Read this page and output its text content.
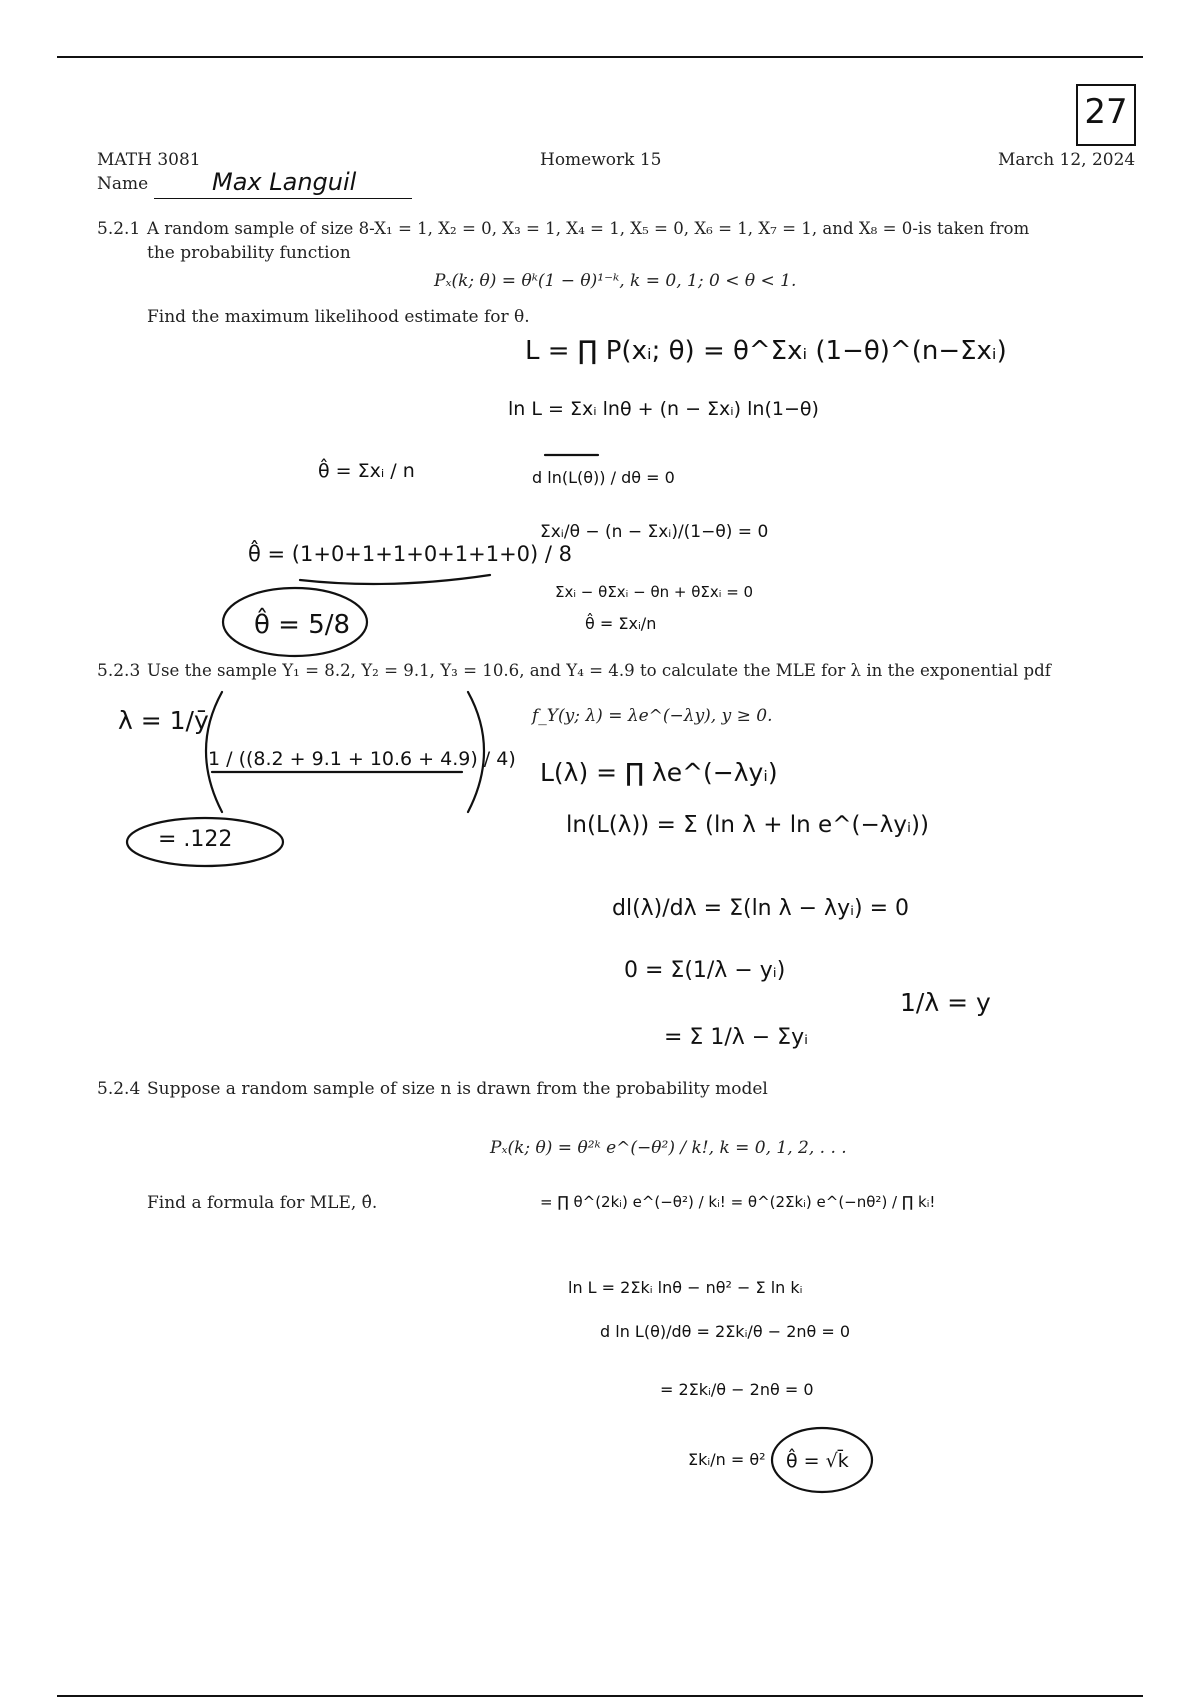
27
MATH 3081	Homework 15	March 12, 2024
Name	Max Languil
5.2.1 A random sample of size 8-X₁ = 1, X₂ = 0, X₃ = 1, X₄ = 1, X₅ = 0, X₆ = 1, X₇ = 1, and X₈ = 0-is taken from
the probability function
Pₓ(k; θ) = θᵏ(1 − θ)¹⁻ᵏ, k = 0, 1; 0 < θ < 1.
Find the maximum likelihood estimate for θ.
L = ∏ P(xᵢ; θ) = θ^Σxᵢ (1−θ)^(n−Σxᵢ)
ln L = Σxᵢ lnθ + (n − Σxᵢ) ln(1−θ)
θ̂ = Σxᵢ / n	d ln(L(θ)) / dθ = 0
θ̂ = (1+0+1+1+0+1+1+0) / 8
Σxᵢ/θ − (n − Σxᵢ)/(1−θ) = 0
Σxᵢ − θΣxᵢ − θn + θΣxᵢ = 0
θ̂ = Σxᵢ/n
θ̂ = 5/8
5.2.3 Use the sample Y₁ = 8.2, Y₂ = 9.1, Y₃ = 10.6, and Y₄ = 4.9 to calculate the MLE for λ in the exponential pdf
f_Y(y; λ) = λe^(−λy), y ≥ 0.
λ = 1/ȳ
1 / ((8.2 + 9.1 + 10.6 + 4.9) / 4)
= .122
L(λ) = ∏ λe^(−λyᵢ)
ln(L(λ)) = Σ (ln λ + ln e^(−λyᵢ))
dl(λ)/dλ = Σ(ln λ − λyᵢ) = 0
0 = Σ(1/λ − yᵢ)
= Σ 1/λ − Σyᵢ
1/λ = y
5.2.4 Suppose a random sample of size n is drawn from the probability model
Pₓ(k; θ) = θ²ᵏ e^(−θ²) / k!, k = 0, 1, 2, . . .
Find a formula for MLE, θ̂.	= ∏ θ^(2kᵢ) e^(−θ²) / kᵢ! = θ^(2Σkᵢ) e^(−nθ²) / ∏ kᵢ!
ln L = 2Σkᵢ lnθ − nθ² − Σ ln kᵢ
d ln L(θ)/dθ = 2Σkᵢ/θ − 2nθ = 0
= 2Σkᵢ/θ − 2nθ = 0
Σkᵢ/n = θ² θ̂ = √k̄
